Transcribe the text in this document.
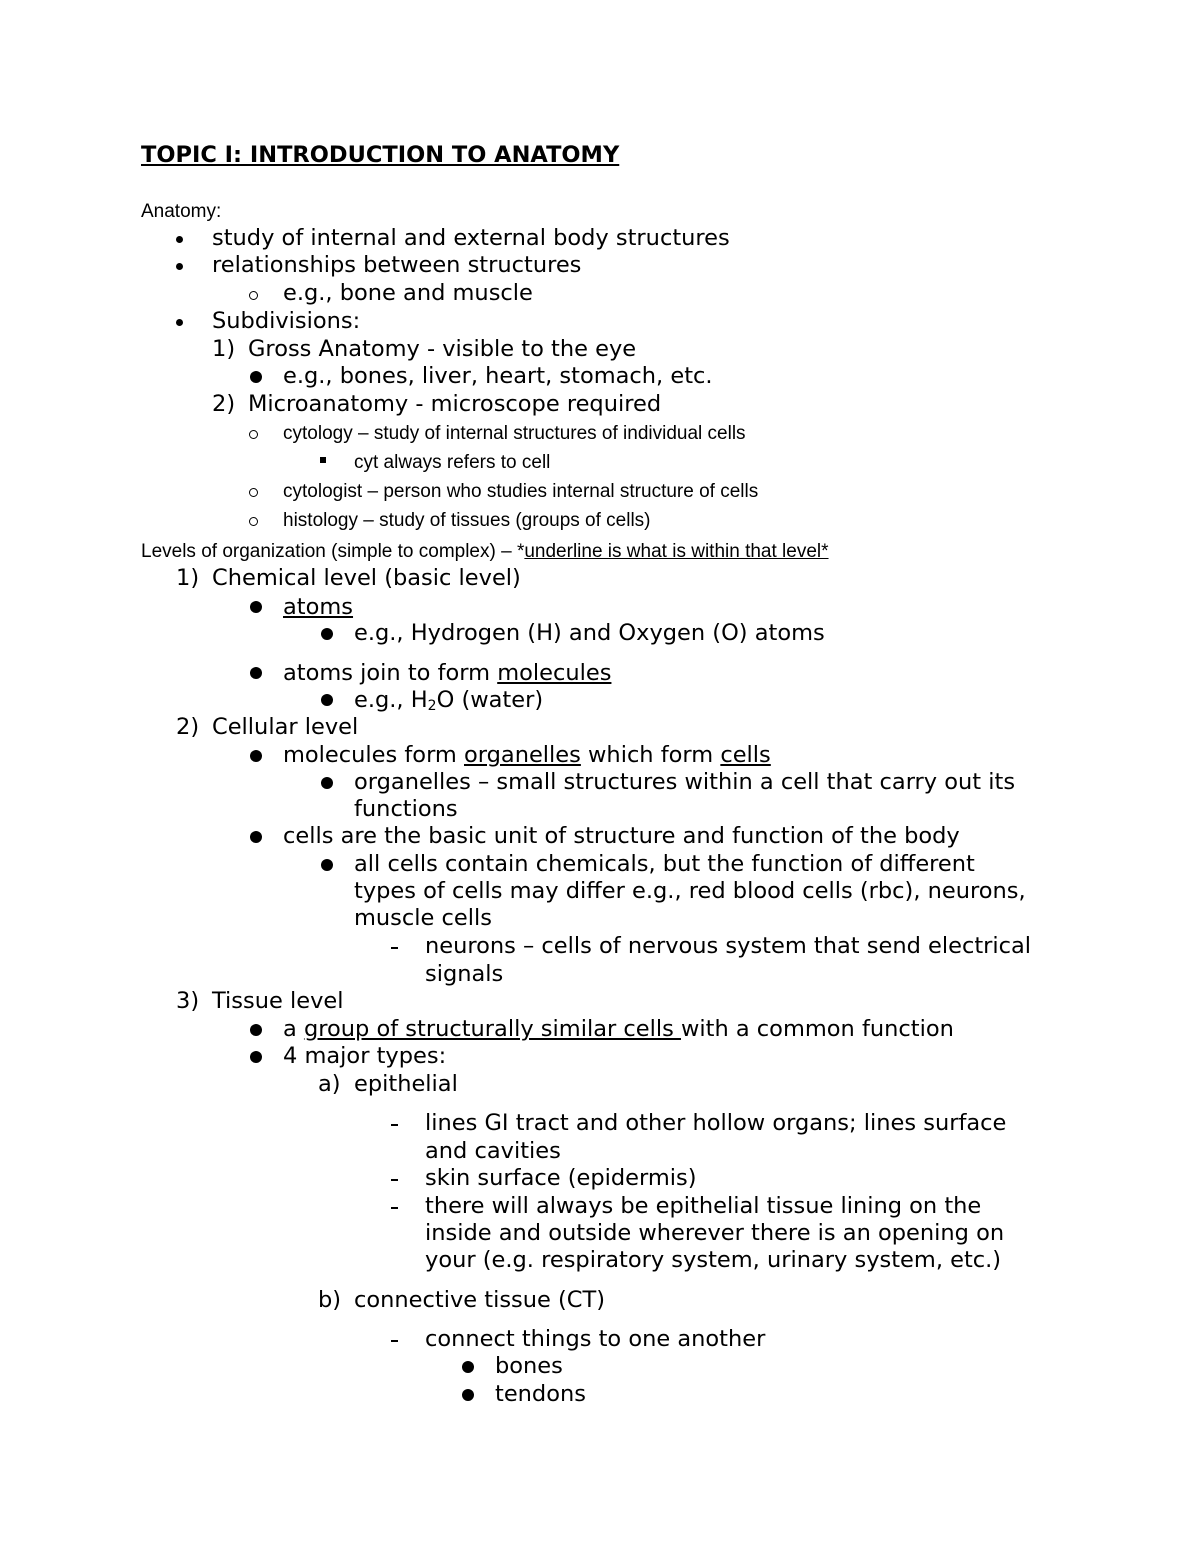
TOPIC I: INTRODUCTION TO ANATOMY
Anatomy:
study of internal and external body structures
relationships between structures
e.g., bone and muscle
Subdivisions:
1) Gross Anatomy - visible to the eye
e.g., bones, liver, heart, stomach, etc.
2) Microanatomy - microscope required
cytology – study of internal structures of individual cells
cyt always refers to cell
cytologist – person who studies internal structure of cells
histology – study of tissues (groups of cells)
Levels of organization (simple to complex) – *underline is what is within that level*
1) Chemical level (basic level)
atoms
e.g., Hydrogen (H) and Oxygen (O) atoms
atoms join to form molecules
e.g., $H_2O$ (water)
2) Cellular level
molecules form organelles which form cells
organelles – small structures within a cell that carry out its
functions
cells are the basic unit of structure and function of the body
all cells contain chemicals, but the function of different
types of cells may differ e.g., red blood cells (rbc), neurons,
muscle cells
neurons – cells of nervous system that send electrical
signals
3) Tissue level
a group of structurally similar cells with a common function
4 major types:
a) epithelial
lines GI tract and other hollow organs; lines surface
and cavities
skin surface (epidermis)
there will always be epithelial tissue lining on the
inside and outside wherever there is an opening on
your (e.g. respiratory system, urinary system, etc.)
b) connective tissue (CT)
connect things to one another
bones
tendons
